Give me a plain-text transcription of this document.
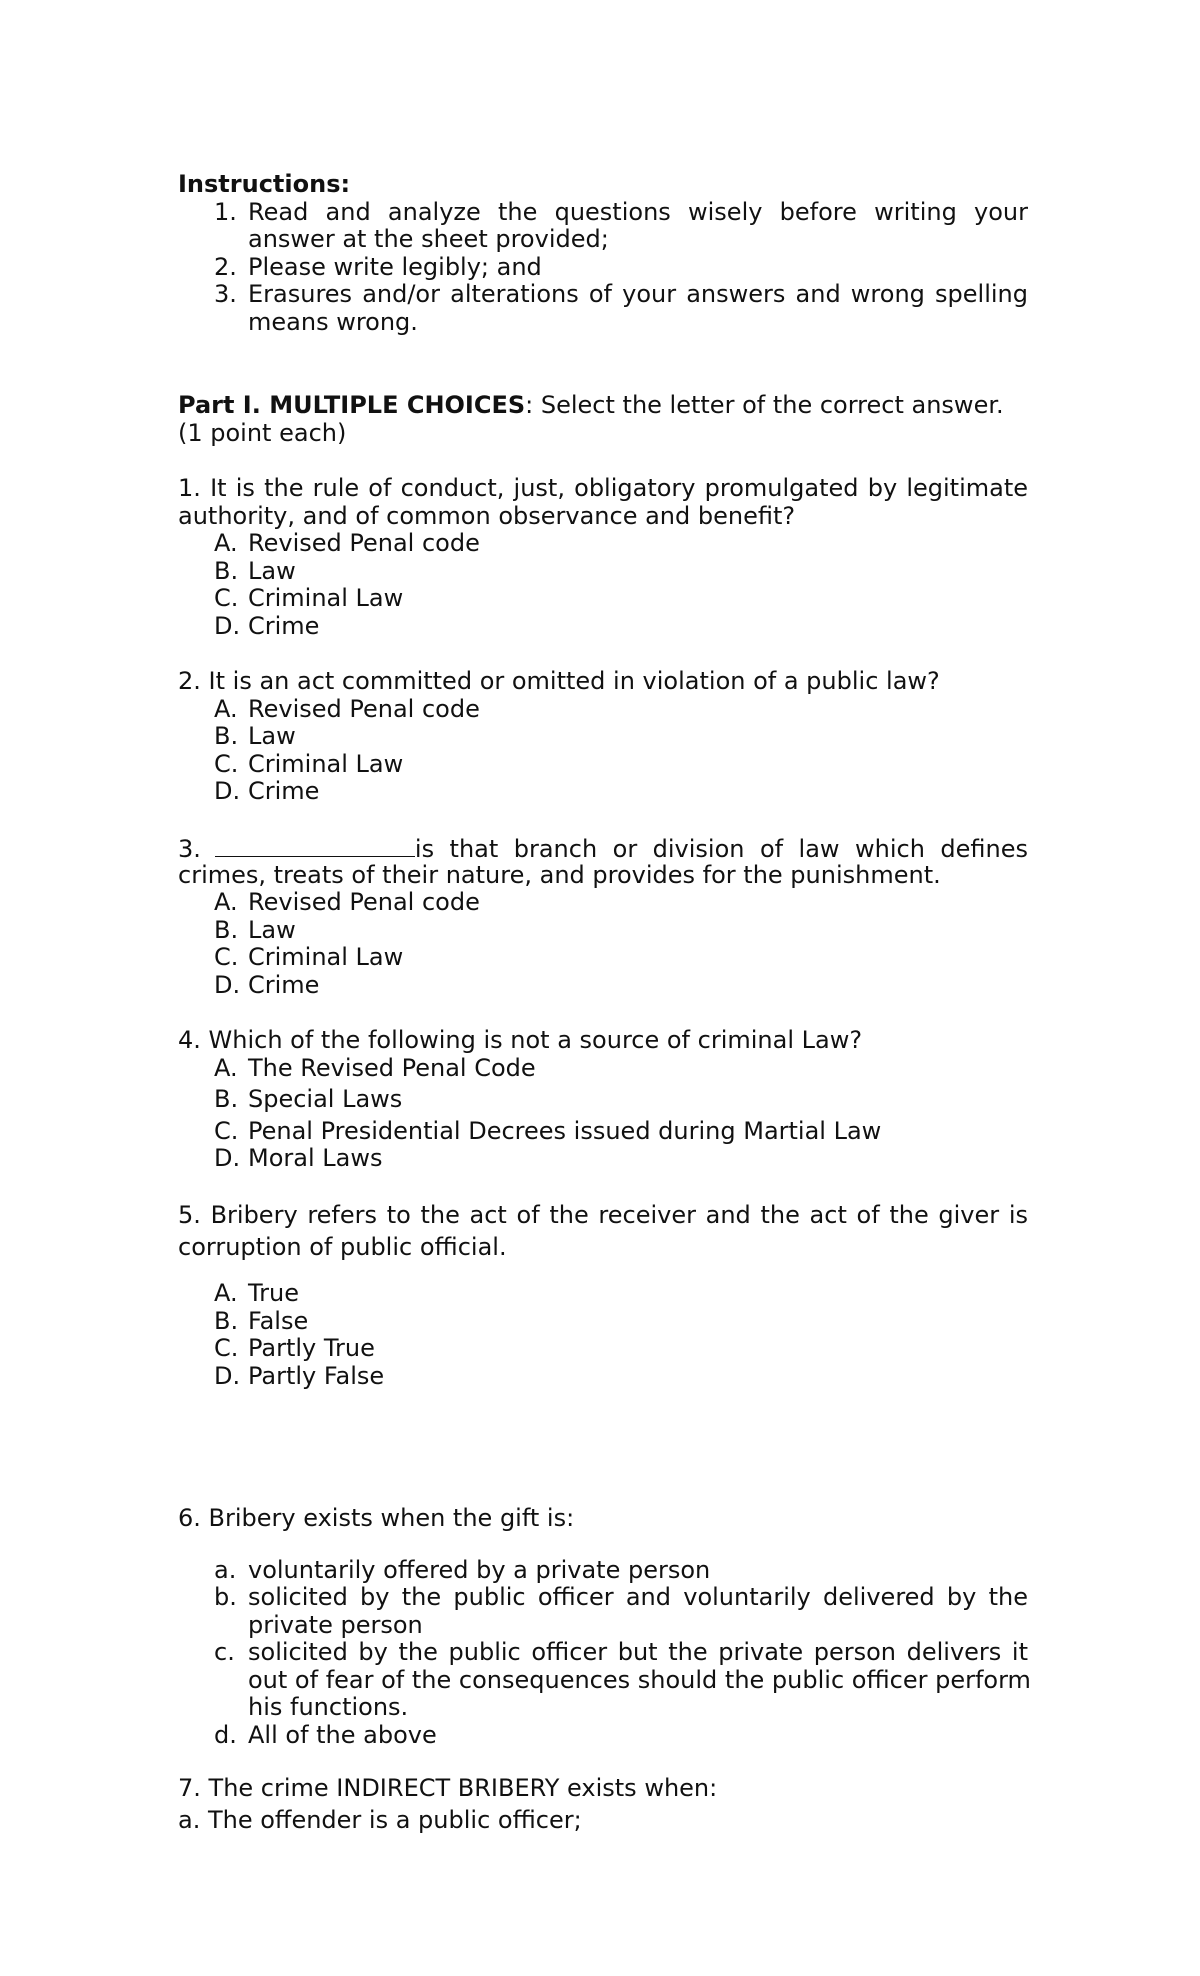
Instructions:
1. Read and analyze the questions wisely before writing your
answer at the sheet provided;
2. Please write legibly; and
3. Erasures and/or alterations of your answers and wrong spelling
means wrong.
Part I. MULTIPLE CHOICES: Select the letter of the correct answer.
(1 point each)
1. It is the rule of conduct, just, obligatory promulgated by legitimate
authority, and of common observance and benefit?
A. Revised Penal code
B. Law
C. Criminal Law
D. Crime
2. It is an act committed or omitted in violation of a public law?
A. Revised Penal code
B. Law
C. Criminal Law
D. Crime
3.	is that branch or division of law which defines
crimes, treats of their nature, and provides for the punishment.
A. Revised Penal code
B. Law
C. Criminal Law
D. Crime
4. Which of the following is not a source of criminal Law?
A. The Revised Penal Code
B. Special Laws
C. Penal Presidential Decrees issued during Martial Law
D. Moral Laws
5. Bribery refers to the act of the receiver and the act of the giver is
corruption of public official.
A. True
B. False
C. Partly True
D. Partly False
6. Bribery exists when the gift is:
a. voluntarily offered by a private person
b. solicited by the public officer and voluntarily delivered by the
private person
c. solicited by the public officer but the private person delivers it
out of fear of the consequences should the public officer perform
his functions.
d. All of the above
7. The crime INDIRECT BRIBERY exists when:
a. The offender is a public officer;
